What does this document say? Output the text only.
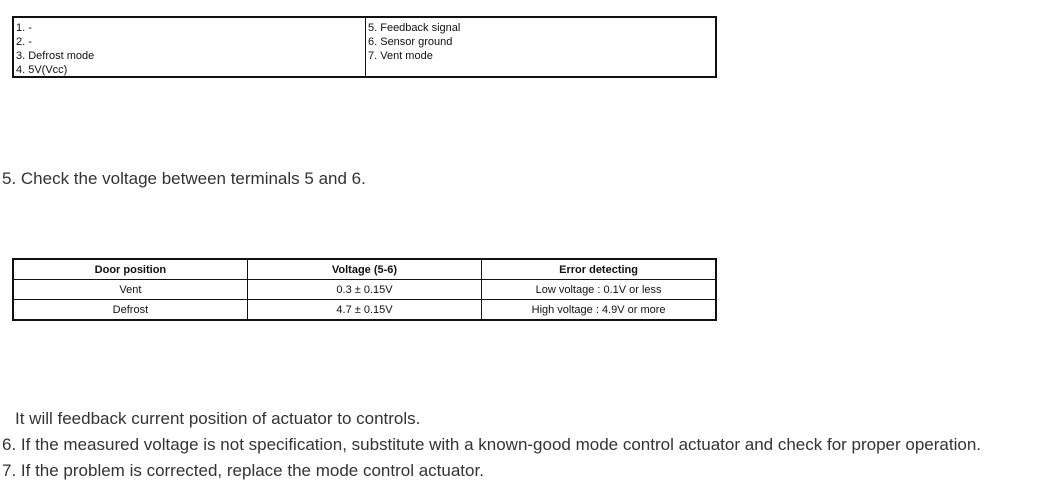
1. -
2. -
3. Defrost mode
4. 5V(Vcc)
5. Feedback signal
6. Sensor ground
7. Vent mode
5. Check the voltage between terminals 5 and 6.
Door position	Voltage (5-6)	Error detecting
Vent	0.3 ± 0.15V	Low voltage : 0.1V or less
Defrost	4.7 ± 0.15V	High voltage : 4.9V or more
It will feedback current position of actuator to controls.
6. If the measured voltage is not specification, substitute with a known-good mode control actuator and check for proper operation.
7. If the problem is corrected, replace the mode control actuator.
